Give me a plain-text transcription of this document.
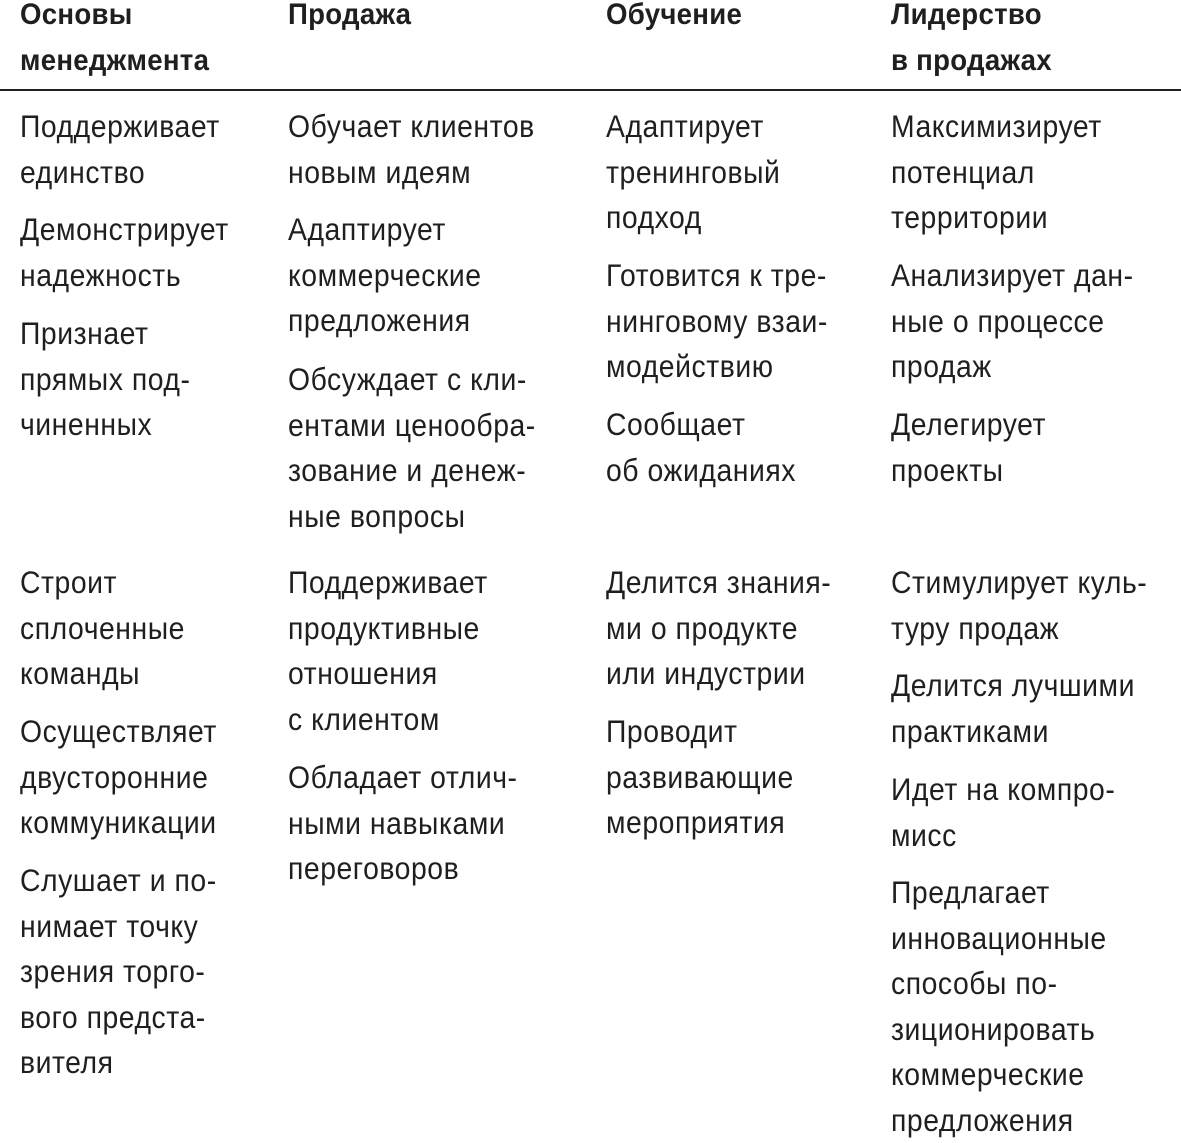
Основы
менеджмента
Поддерживает
единство
Демонстрирует
надежность
Признает
прямых под-
чиненных
Строит
сплоченные
команды
Осуществляет
двусторонние
коммуникации
Слушает и по-
нимает точку
зрения торго-
вого предста-
вителя
Продажа
Обучает клиентов
новым идеям
Адаптирует
коммерческие
предложения
Обсуждает с кли-
ентами ценообра-
зование и денеж-
ные вопросы
Поддерживает
продуктивные
отношения
с клиентом
Обладает отлич-
ными навыками
переговоров
Обучение
Адаптирует
тренинговый
подход
Готовится к тре-
нинговому взаи-
модействию
Сообщает
об ожиданиях
Делится знания-
ми о продукте
или индустрии
Проводит
развивающие
мероприятия
Лидерство
в продажах
Максимизирует
потенциал
территории
Анализирует дан-
ные о процессе
продаж
Делегирует
проекты
Стимулирует куль-
туру продаж
Делится лучшими
практиками
Идет на компро-
мисс
Предлагает
инновационные
способы по-
зиционировать
коммерческие
предложения
